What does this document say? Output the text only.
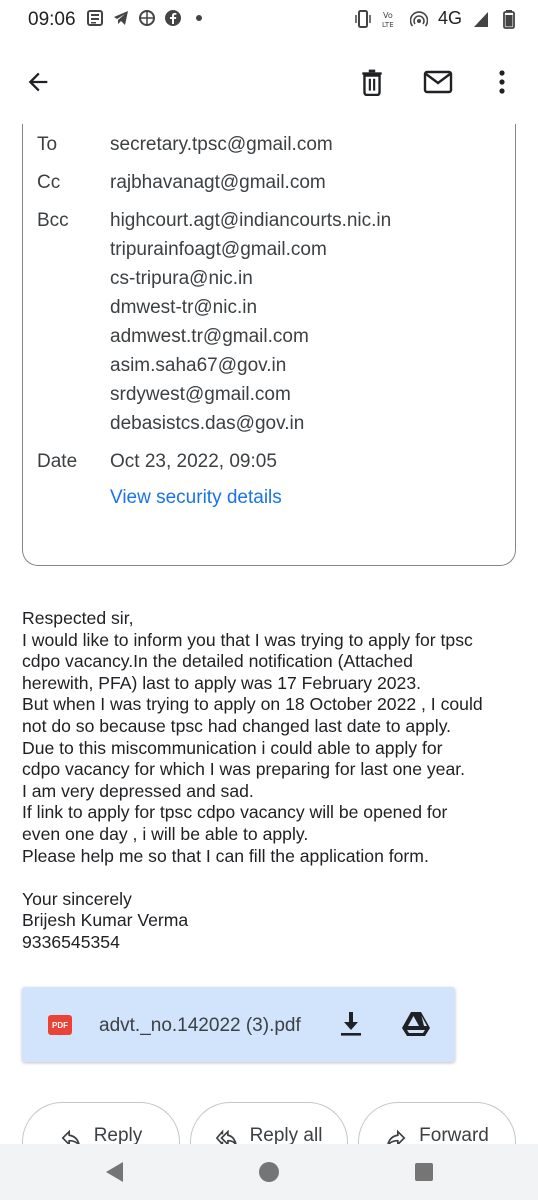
09:06	Vo
LTE 4G
To	secretary.tpsc@gmail.com
Cc	rajbhavanagt@gmail.com
Bcc	highcourt.agt@indiancourts.nic.in
tripurainfoagt@gmail.com
cs-tripura@nic.in
dmwest-tr@nic.in
admwest.tr@gmail.com
asim.saha67@gov.in
srdywest@gmail.com
debasistcs.das@gov.in
Date	Oct 23, 2022, 09:05
View security details

Respected sir,

I would like to inform you that I was trying to apply for tpsc

cdpo vacancy.In the detailed notification (Attached

herewith, PFA) last to apply was 17 February 2023.

But when I was trying to apply on 18 October 2022 , I could

not do so because tpsc had changed last date to apply.

Due to this miscommunication i could able to apply for

cdpo vacancy for which I was preparing for last one year.

I am very depressed and sad.

If link to apply for tpsc cdpo vacancy will be opened for

even one day , i will be able to apply.

Please help me so that I can fill the application form.

Your sincerely

Brijesh Kumar Verma

9336545354

PDF advt._no.142022 (3).pdf
Reply	Reply all	Forward
